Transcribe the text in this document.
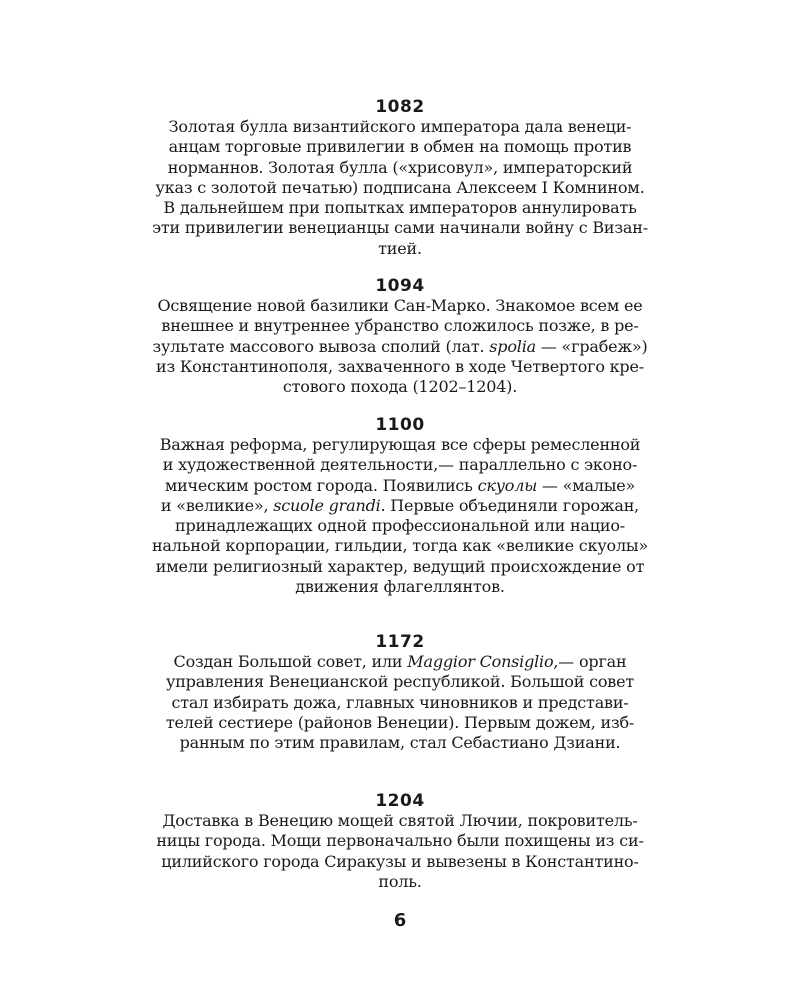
1082

Золотая булла византийского императора дала венеци-
анцам торговые привилегии в обмен на помощь против
норманнов. Золотая булла («хрисовул», императорский
указ с золотой печатью) подписана Алексеем I Комнином.
В дальнейшем при попытках императоров аннулировать
эти привилегии венецианцы сами начинали войну с Визан-
тией.

1094

Освящение новой базилики Сан-Марко. Знакомое всем ее
внешнее и внутреннее убранство сложилось позже, в ре-
зультате массового вывоза сполий (лат. spolia — «грабеж»)
из Константинополя, захваченного в ходе Четвертого кре-
стового похода (1202–1204).

1100

Важная реформа, регулирующая все сферы ремесленной
и художественной деятельности,— параллельно с эконо-
мическим ростом города. Появились скуолы — «малые»
и «великие», scuole grandi. Первые объединяли горожан,
принадлежащих одной профессиональной или нацио-
нальной корпорации, гильдии, тогда как «великие скуолы»
имели религиозный характер, ведущий происхождение от
движения флагеллянтов.

1172

Создан Большой совет, или Maggior Consiglio,— орган
управления Венецианской республикой. Большой совет
стал избирать дожа, главных чиновников и представи-
телей сестиере (районов Венеции). Первым дожем, изб-
ранным по этим правилам, стал Себастиано Дзиани.

1204

Доставка в Венецию мощей святой Лючии, покровитель-
ницы города. Мощи первоначально были похищены из си-
цилийского города Сиракузы и вывезены в Константино-
поль.

6
